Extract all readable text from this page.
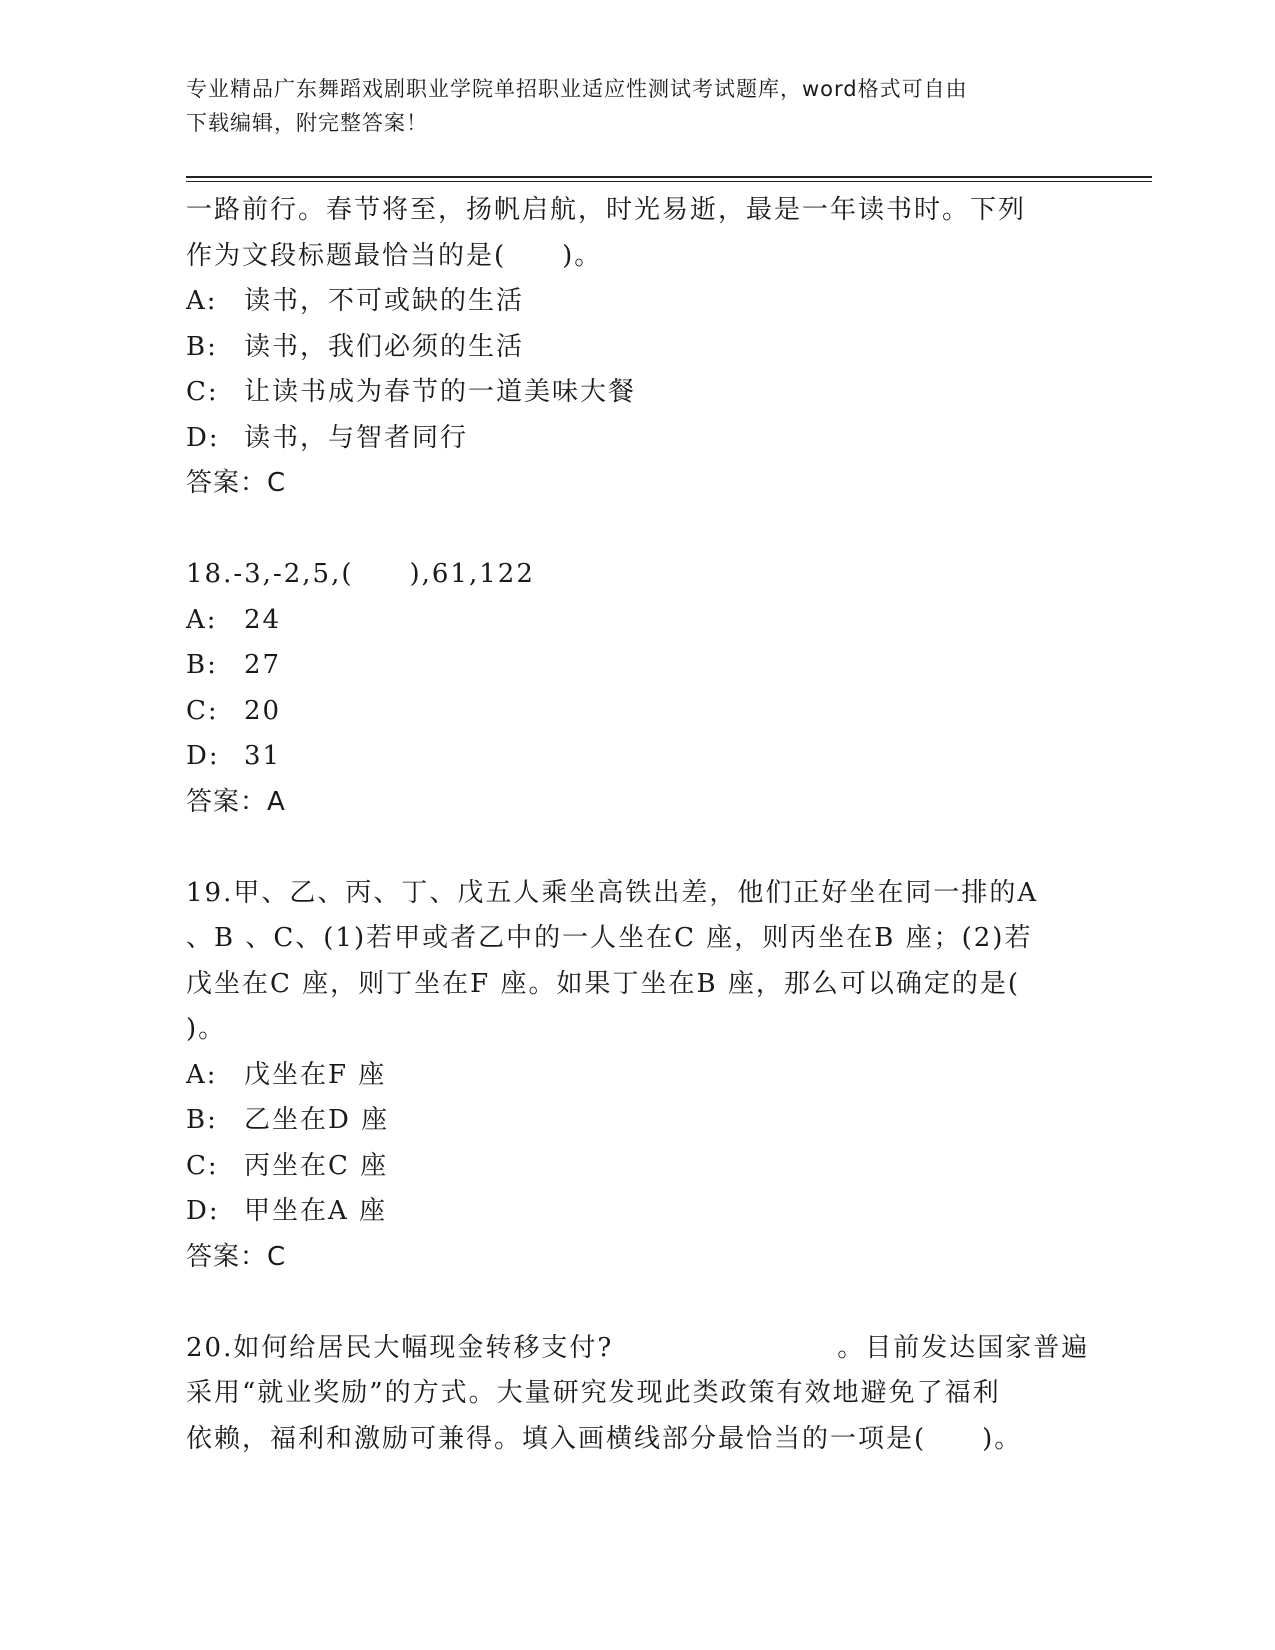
专业精品广东舞蹈戏剧职业学院单招职业适应性测试考试题库，word格式可自由
下载编辑，附完整答案！
一路前行。春节将至，扬帆启航，时光易逝，最是一年读书时。下列
作为文段标题最恰当的是(　　)。
A: 读书，不可或缺的生活
B: 读书，我们必须的生活
C: 让读书成为春节的一道美味大餐
D: 读书，与智者同行
答案：C
18.-3,-2,5,(　　),61,122
A: 24
B: 27
C: 20
D: 31
答案：A
19.甲、乙、丙、丁、戊五人乘坐高铁出差，他们正好坐在同一排的A
、B 、C、(1)若甲或者乙中的一人坐在C 座，则丙坐在B 座；(2)若
戊坐在C 座，则丁坐在F 座。如果丁坐在B 座，那么可以确定的是(
)。
A: 戊坐在F 座
B: 乙坐在D 座
C: 丙坐在C 座
D: 甲坐在A 座
答案：C
20.如何给居民大幅现金转移支付?　　　　　　　　。目前发达国家普遍
采用“就业奖励”的方式。大量研究发现此类政策有效地避免了福利
依赖，福利和激励可兼得。填入画横线部分最恰当的一项是(　　)。
